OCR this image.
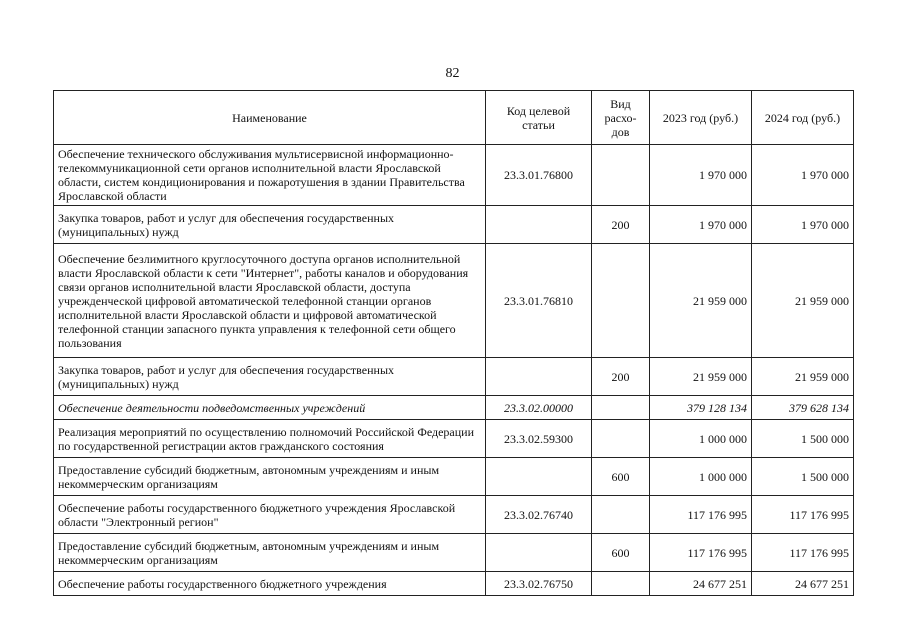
82
Наименование	Код целевой статьи	Вид расхо-дов	2023 год (руб.)	2024 год (руб.)
Обеспечение технического обслуживания мультисервисной информационно-телекоммуникационной сети органов исполнительной власти Ярославской области, систем кондиционирования и пожаротушения в здании Правительства Ярославской области	23.3.01.76800		1 970 000	1 970 000
Закупка товаров, работ и услуг для обеспечения государственных (муниципальных) нужд		200	1 970 000	1 970 000
Обеспечение безлимитного круглосуточного доступа органов исполнительной власти Ярославской области к сети "Интернет", работы каналов и оборудования связи органов исполнительной власти Ярославской области, доступа учрежденческой цифровой автоматической телефонной станции органов исполнительной власти Ярославской области и цифровой автоматической телефонной станции запасного пункта управления к телефонной сети общего пользования	23.3.01.76810		21 959 000	21 959 000
Закупка товаров, работ и услуг для обеспечения государственных (муниципальных) нужд		200	21 959 000	21 959 000
Обеспечение деятельности подведомственных учреждений	23.3.02.00000		379 128 134	379 628 134
Реализация мероприятий по осуществлению полномочий Российской Федерации по государственной регистрации актов гражданского состояния	23.3.02.59300		1 000 000	1 500 000
Предоставление субсидий бюджетным, автономным учреждениям и иным некоммерческим организациям		600	1 000 000	1 500 000
Обеспечение работы государственного бюджетного учреждения Ярославской области "Электронный регион"	23.3.02.76740		117 176 995	117 176 995
Предоставление субсидий бюджетным, автономным учреждениям и иным некоммерческим организациям		600	117 176 995	117 176 995
Обеспечение работы государственного бюджетного учреждения	23.3.02.76750		24 677 251	24 677 251
